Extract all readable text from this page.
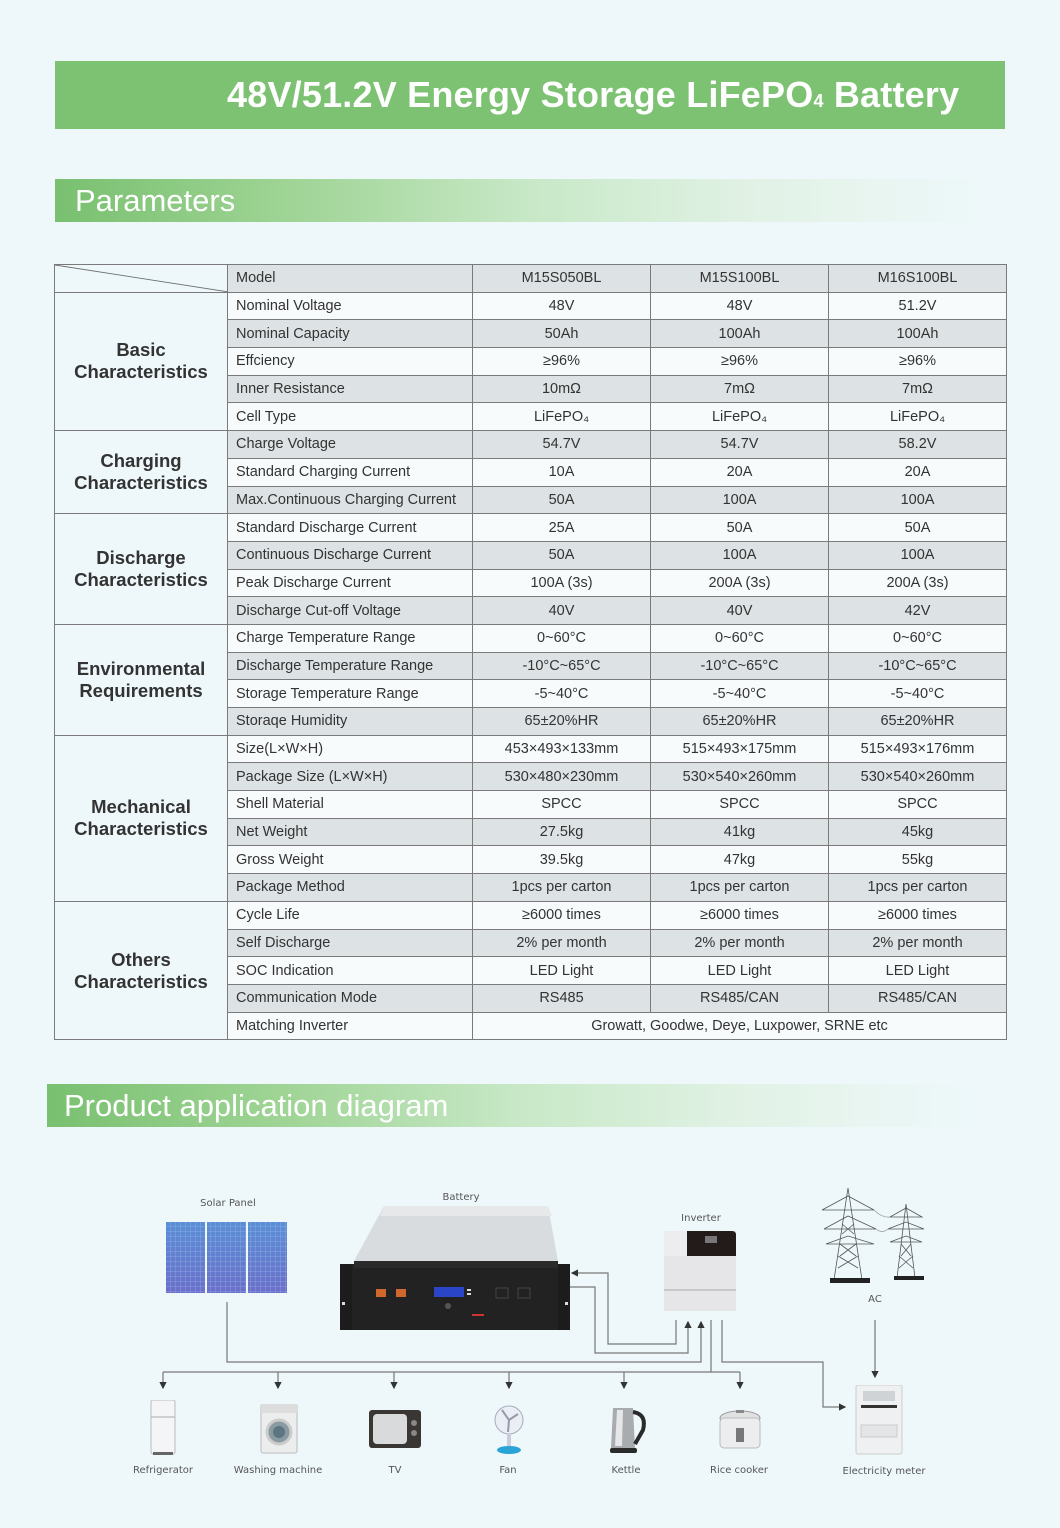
48V/51.2V Energy Storage LiFePO4 Battery
Parameters
	Model	M15S050BL	M15S100BL	M16S100BL

Basic
Characteristics	Nominal Voltage	48V	48V	51.2V
	Nominal Capacity	50Ah	100Ah	100Ah
	Effciency	≥96%	≥96%	≥96%
	Inner Resistance	10mΩ	7mΩ	7mΩ
	Cell Type	LiFePO₄	LiFePO₄	LiFePO₄

Charging
Characteristics	Charge Voltage	54.7V	54.7V	58.2V
	Standard Charging Current	10A	20A	20A
	Max.Continuous Charging Current	50A	100A	100A

Discharge
Characteristics	Standard Discharge Current	25A	50A	50A
	Continuous Discharge Current	50A	100A	100A
	Peak Discharge Current	100A (3s)	200A (3s)	200A (3s)
	Discharge Cut-off Voltage	40V	40V	42V

Environmental
Requirements	Charge Temperature Range	0~60°C	0~60°C	0~60°C
	Discharge Temperature Range	-10°C~65°C	-10°C~65°C	-10°C~65°C
	Storage Temperature Range	-5~40°C	-5~40°C	-5~40°C
	Storaqe Humidity	65±20%HR	65±20%HR	65±20%HR

Mechanical
Characteristics	Size(L×W×H)	453×493×133mm	515×493×175mm	515×493×176mm
	Package Size (L×W×H)	530×480×230mm	530×540×260mm	530×540×260mm
	Shell Material	SPCC	SPCC	SPCC
	Net Weight	27.5kg	41kg	45kg
	Gross Weight	39.5kg	47kg	55kg
	Package Method	1pcs per carton	1pcs per carton	1pcs per carton

Others
Characteristics	Cycle Life	≥6000 times	≥6000 times	≥6000 times
	Self Discharge	2% per month	2% per month	2% per month
	SOC Indication	LED Light	LED Light	LED Light
	Communication Mode	RS485	RS485/CAN	RS485/CAN
	Matching Inverter	Growatt, Goodwe, Deye, Luxpower, SRNE etc		
Product application diagram
Solar Panel
Battery
Inverter
AC
Refrigerator	Washing machine	TV	Fan	Kettle	Rice cooker	Electricity meter
